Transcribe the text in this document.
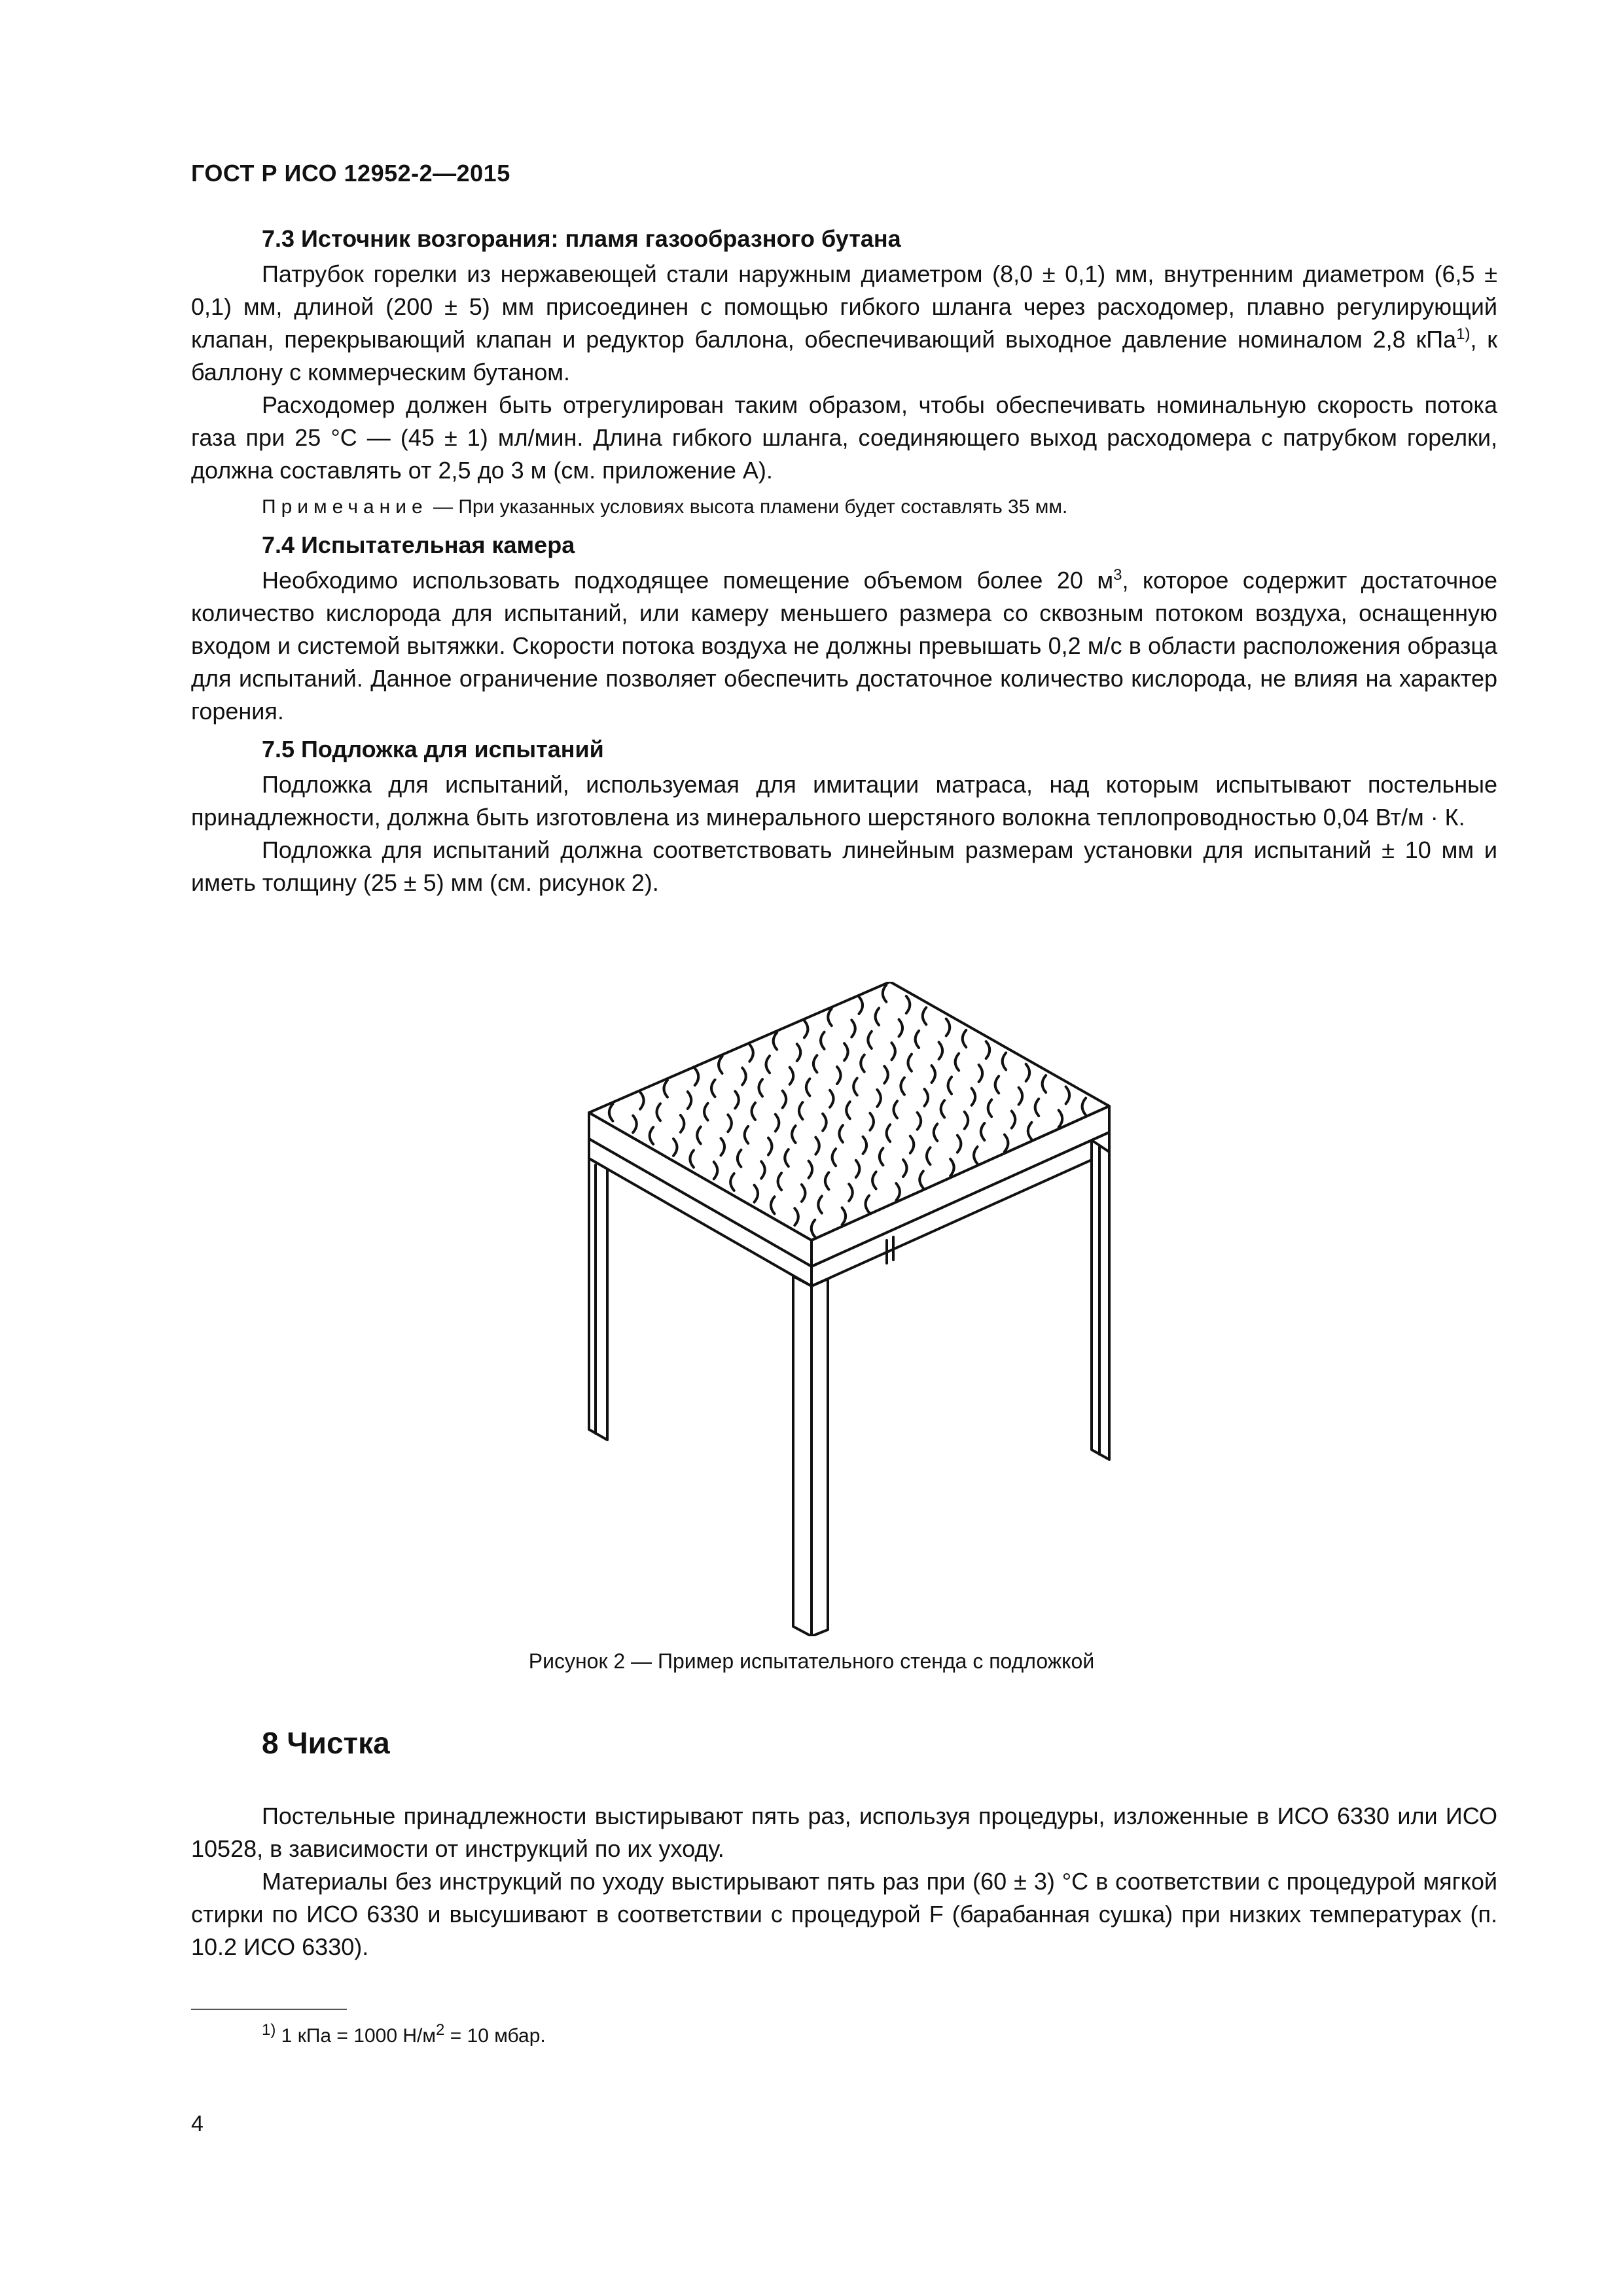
ГОСТ Р ИСО 12952-2—2015
7.3 Источник возгорания: пламя газообразного бутана

Патрубок горелки из нержавеющей стали наружным диаметром (8,0 ± 0,1) мм, внутренним диаметром (6,5 ± 0,1) мм, длиной (200 ± 5) мм присоединен с помощью гибкого шланга через расходомер, плавно регулирующий клапан, перекрывающий клапан и редуктор баллона, обеспечивающий выходное давление номиналом 2,8 кПа$^{1)}$, к баллону с коммерческим бутаном.

Расходомер должен быть отрегулирован таким образом, чтобы обеспечивать номинальную скорость потока газа при 25 °С — (45 ± 1) мл/мин. Длина гибкого шланга, соединяющего выход расходомера с патрубком горелки, должна составлять от 2,5 до 3 м (см. приложение А).

Примечание — При указанных условиях высота пламени будет составлять 35 мм.

7.4 Испытательная камера

Необходимо использовать подходящее помещение объемом более 20 $м^3$, которое содержит достаточное количество кислорода для испытаний, или камеру меньшего размера со сквозным потоком воздуха, оснащенную входом и системой вытяжки. Скорости потока воздуха не должны превышать 0,2 м/с в области расположения образца для испытаний. Данное ограничение позволяет обеспечить достаточное количество кислорода, не влияя на характер горения.

7.5 Подложка для испытаний

Подложка для испытаний, используемая для имитации матраса, над которым испытывают постельные принадлежности, должна быть изготовлена из минерального шерстяного волокна теплопроводностью 0,04 Вт/м · К.

Подложка для испытаний должна соответствовать линейным размерам установки для испытаний ± 10 мм и иметь толщину (25 ± 5) мм (см. рисунок 2).

Рисунок 2 — Пример испытательного стенда с подложкой
8 Чистка

Постельные принадлежности выстирывают пять раз, используя процедуры, изложенные в ИСО 6330 или ИСО 10528, в зависимости от инструкций по их уходу.

Материалы без инструкций по уходу выстирывают пять раз при (60 ± 3) °С в соответствии с процедурой мягкой стирки по ИСО 6330 и высушивают в соответствии с процедурой F (барабанная сушка) при низких температурах (п. 10.2 ИСО 6330).

$^{1)}$ 1 кПа = 1000 $Н/м^2 = 10$ мбар.
4
